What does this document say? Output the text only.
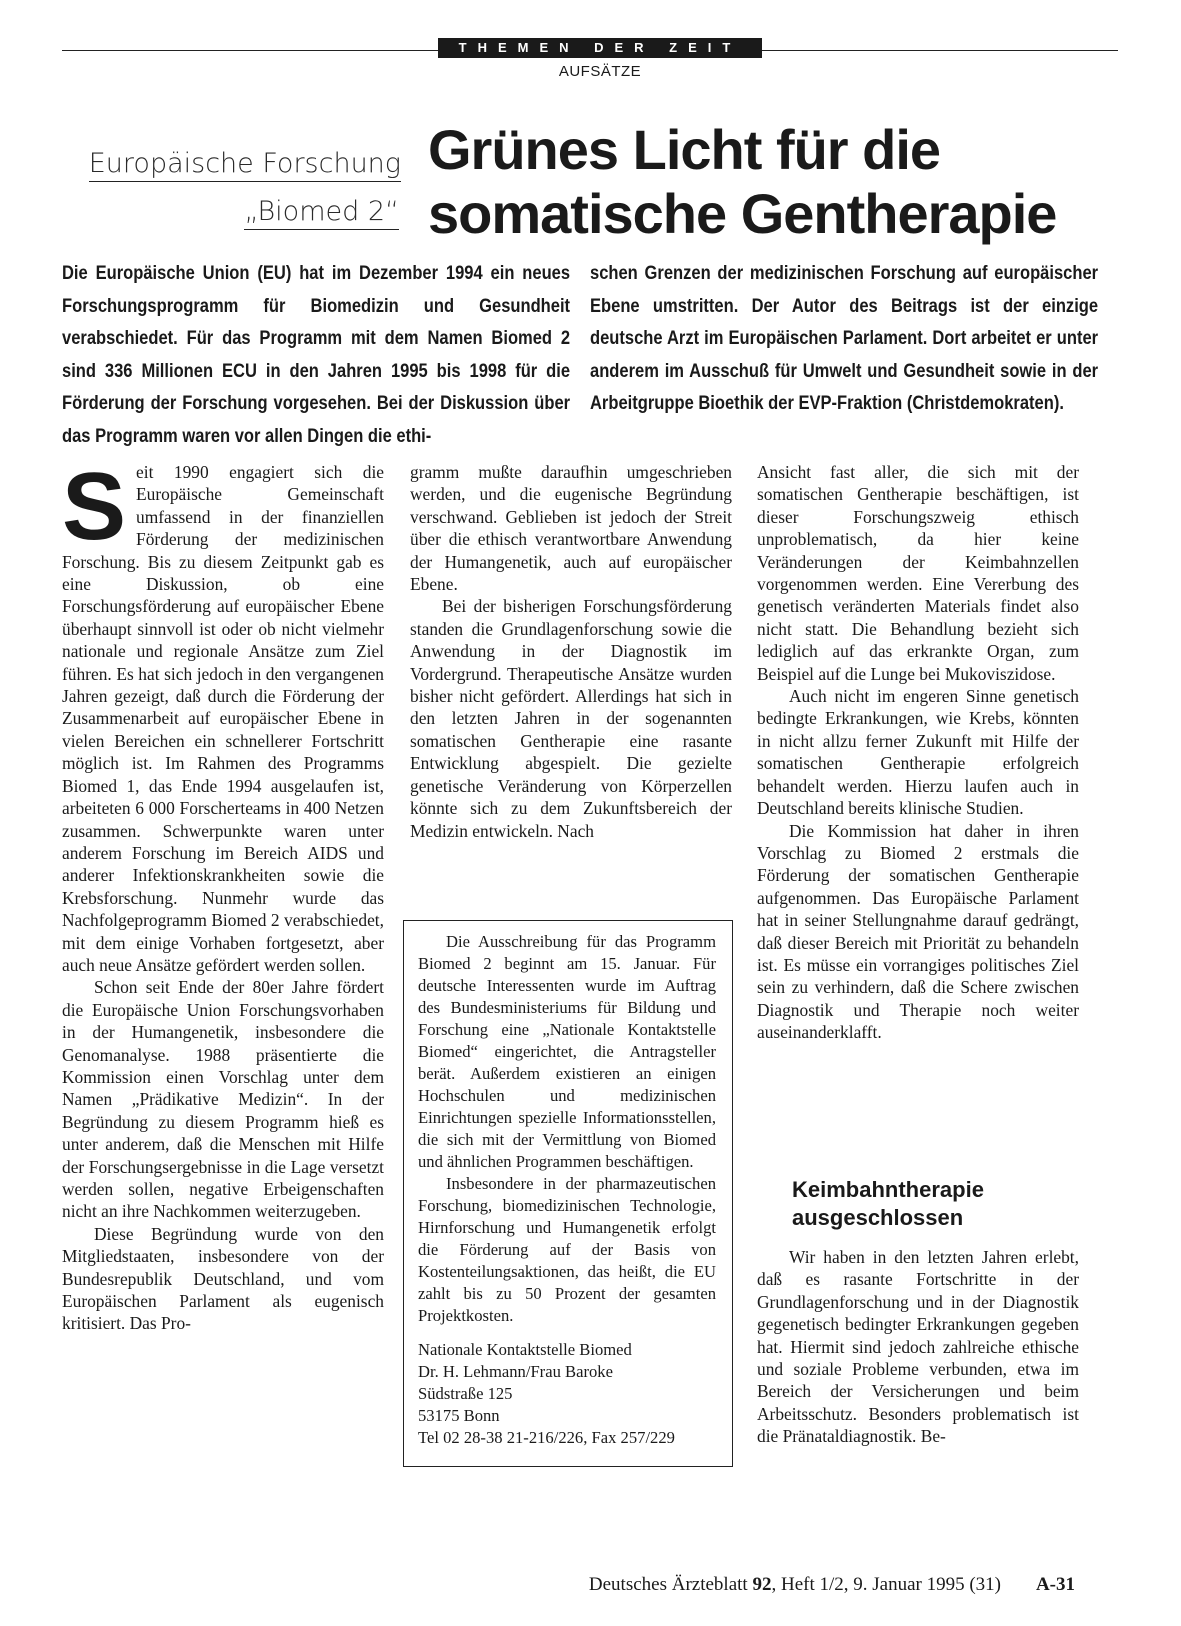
THEMEN DER ZEIT
AUFSÄTZE
Europäische Forschung
„Biomed 2“
Grünes Licht für die
somatische Gentherapie
Die Europäische Union (EU) hat im Dezember 1994 ein neues Forschungsprogramm für Biomedizin und Gesundheit verabschiedet. Für das Programm mit dem Namen Biomed 2 sind 336 Millionen ECU in den Jahren 1995 bis 1998 für die Förderung der Forschung vorgesehen. Bei der Diskussion über das Programm waren vor allen Dingen die ethi-
schen Grenzen der medizinischen Forschung auf europäischer Ebene umstritten. Der Autor des Beitrags ist der einzige deutsche Arzt im Europäischen Parlament. Dort arbeitet er unter anderem im Ausschuß für Umwelt und Gesundheit sowie in der Arbeitgruppe Bioethik der EVP-Fraktion (Christdemokraten).

Seit 1990 engagiert sich die Europäische Gemeinschaft umfassend in der finanziellen Förderung der medizinischen Forschung. Bis zu diesem Zeitpunkt gab es eine Diskussion, ob eine Forschungsförderung auf europäischer Ebene überhaupt sinnvoll ist oder ob nicht vielmehr nationale und regionale Ansätze zum Ziel führen. Es hat sich jedoch in den vergangenen Jahren gezeigt, daß durch die Förderung der Zusammenarbeit auf europäischer Ebene in vielen Bereichen ein schnellerer Fortschritt möglich ist. Im Rahmen des Programms Biomed 1, das Ende 1994 ausgelaufen ist, arbeiteten 6 000 Forscherteams in 400 Netzen zusammen. Schwerpunkte waren unter anderem Forschung im Bereich AIDS und anderer Infektionskrankheiten sowie die Krebsforschung. Nunmehr wurde das Nachfolgeprogramm Biomed 2 verabschiedet, mit dem einige Vorhaben fortgesetzt, aber auch neue Ansätze gefördert werden sollen.

Schon seit Ende der 80er Jahre fördert die Europäische Union Forschungsvorhaben in der Humangenetik, insbesondere die Genomanalyse. 1988 präsentierte die Kommission einen Vorschlag unter dem Namen „Prädikative Medizin“. In der Begründung zu diesem Programm hieß es unter anderem, daß die Menschen mit Hilfe der Forschungsergebnisse in die Lage versetzt werden sollen, negative Erbeigenschaften nicht an ihre Nachkommen weiterzugeben.

Diese Begründung wurde von den Mitgliedstaaten, insbesondere von der Bundesrepublik Deutschland, und vom Europäischen Parlament als eugenisch kritisiert. Das Pro-

gramm mußte daraufhin umgeschrieben werden, und die eugenische Begründung verschwand. Geblieben ist jedoch der Streit über die ethisch verantwortbare Anwendung der Humangenetik, auch auf europäischer Ebene.

Bei der bisherigen Forschungsförderung standen die Grundlagenforschung sowie die Anwendung in der Diagnostik im Vordergrund. Therapeutische Ansätze wurden bisher nicht gefördert. Allerdings hat sich in den letzten Jahren in der sogenannten somatischen Gentherapie eine rasante Entwicklung abgespielt. Die gezielte genetische Veränderung von Körperzellen könnte sich zu dem Zukunftsbereich der Medizin entwickeln. Nach

Die Ausschreibung für das Programm Biomed 2 beginnt am 15. Januar. Für deutsche Interessenten wurde im Auftrag des Bundesministeriums für Bildung und Forschung eine „Nationale Kontaktstelle Biomed“ eingerichtet, die Antragsteller berät. Außerdem existieren an einigen Hochschulen und medizinischen Einrichtungen spezielle Informationsstellen, die sich mit der Vermittlung von Biomed und ähnlichen Programmen beschäftigen.

Insbesondere in der pharmazeutischen Forschung, biomedizinischen Technologie, Hirnforschung und Humangenetik erfolgt die Förderung auf der Basis von Kostenteilungsaktionen, das heißt, die EU zahlt bis zu 50 Prozent der gesamten Projektkosten.

Nationale Kontaktstelle Biomed
Dr. H. Lehmann/Frau Baroke
Südstraße 125
53175 Bonn
Tel 02 28-38 21-216/226, Fax 257/229

Ansicht fast aller, die sich mit der somatischen Gentherapie beschäftigen, ist dieser Forschungszweig ethisch unproblematisch, da hier keine Veränderungen der Keimbahnzellen vorgenommen werden. Eine Vererbung des genetisch veränderten Materials findet also nicht statt. Die Behandlung bezieht sich lediglich auf das erkrankte Organ, zum Beispiel auf die Lunge bei Mukoviszidose.

Auch nicht im engeren Sinne genetisch bedingte Erkrankungen, wie Krebs, könnten in nicht allzu ferner Zukunft mit Hilfe der somatischen Gentherapie erfolgreich behandelt werden. Hierzu laufen auch in Deutschland bereits klinische Studien.

Die Kommission hat daher in ihren Vorschlag zu Biomed 2 erstmals die Förderung der somatischen Gentherapie aufgenommen. Das Europäische Parlament hat in seiner Stellungnahme darauf gedrängt, daß dieser Bereich mit Priorität zu behandeln ist. Es müsse ein vorrangiges politisches Ziel sein zu verhindern, daß die Schere zwischen Diagnostik und Therapie noch weiter auseinanderklafft.

Keimbahntherapie ausgeschlossen

Wir haben in den letzten Jahren erlebt, daß es rasante Fortschritte in der Grundlagenforschung und in der Diagnostik gegenetisch bedingter Erkrankungen gegeben hat. Hiermit sind jedoch zahlreiche ethische und soziale Probleme verbunden, etwa im Bereich der Versicherungen und beim Arbeitsschutz. Besonders problematisch ist die Pränataldiagnostik. Be-

Deutsches Ärzteblatt 92, Heft 1/2, 9. Januar 1995 (31) A-31
